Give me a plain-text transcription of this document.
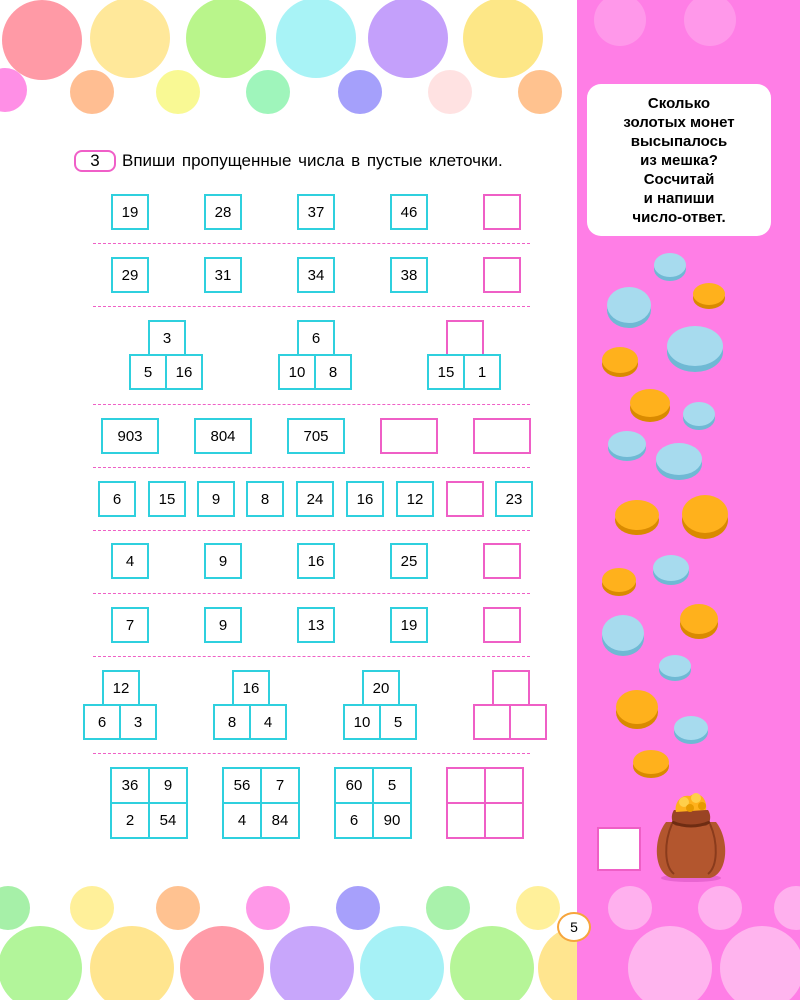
3	Впиши пропущенные числа в пустые клеточки.
19	28	37	46
29	31	34	38
3
5	16
6
10	8	15	1
903	804	705
6	15	9	8	24	16	12	23
4	9	16	25
7	9	13	19
12
6	3
16
8	4
20
10	5
36	9
2	54
56	7
4	84
60	5
6	90
Сколько
золотых монет
высыпалось
из мешка?
Сосчитай
и напиши
число-ответ.
5
